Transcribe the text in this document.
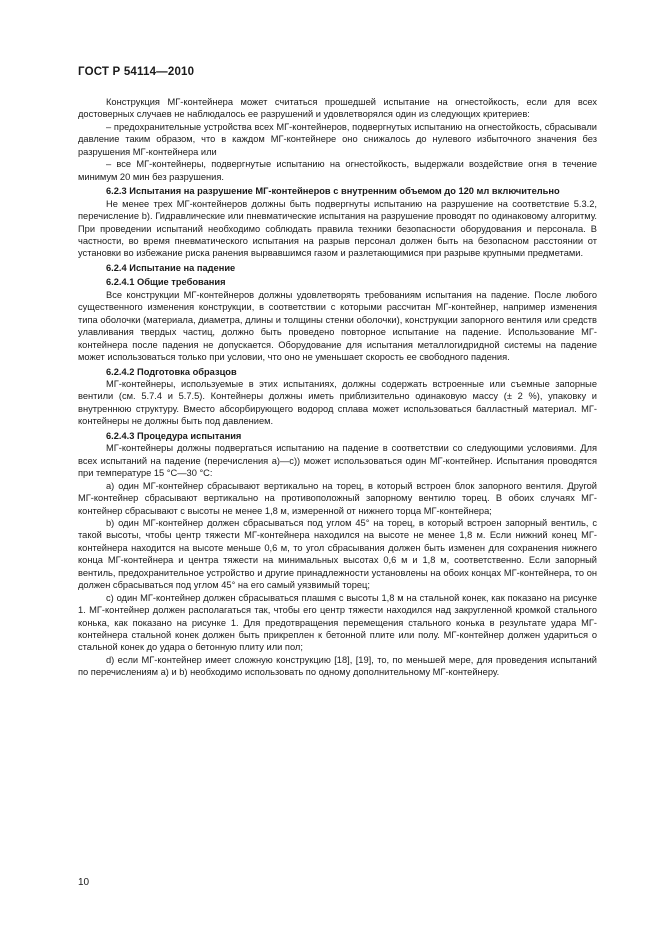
ГОСТ Р 54114—2010

Конструкция МГ-контейнера может считаться прошедшей испытание на огнестойкость, если для всех достоверных случаев не наблюдалось ее разрушений и удовлетворялся один из следующих критериев:

– предохранительные устройства всех МГ-контейнеров, подвергнутых испытанию на огнестойкость, сбрасывали давление таким образом, что в каждом МГ-контейнере оно снижалось до нулевого избыточного значения без разрушения МГ-контейнера или

– все МГ-контейнеры, подвергнутые испытанию на огнестойкость, выдержали воздействие огня в течение минимум 20 мин без разрушения.

6.2.3 Испытания на разрушение МГ-контейнеров с внутренним объемом до 120 мл включительно

Не менее трех МГ-контейнеров должны быть подвергнуты испытанию на разрушение на соответствие 5.3.2, перечисление b). Гидравлические или пневматические испытания на разрушение проводят по одинаковому алгоритму. При проведении испытаний необходимо соблюдать правила техники безопасности оборудования и персонала. В частности, во время пневматического испытания на разрыв персонал должен быть на безопасном расстоянии от установки во избежание риска ранения вырвавшимся газом и разлетающимися при разрыве крупными предметами.

6.2.4 Испытание на падение

6.2.4.1 Общие требования

Все конструкции МГ-контейнеров должны удовлетворять требованиям испытания на падение. После любого существенного изменения конструкции, в соответствии с которыми рассчитан МГ-контейнер, например изменения типа оболочки (материала, диаметра, длины и толщины стенки оболочки), конструкции запорного вентиля или средств улавливания твердых частиц, должно быть проведено повторное испытание на падение. Использование МГ-контейнера после падения не допускается. Оборудование для испытания металлогидридной системы на падение может использоваться только при условии, что оно не уменьшает скорость ее свободного падения.

6.2.4.2 Подготовка образцов

МГ-контейнеры, используемые в этих испытаниях, должны содержать встроенные или съемные запорные вентили (см. 5.7.4 и 5.7.5). Контейнеры должны иметь приблизительно одинаковую массу (± 2 %), упаковку и внутреннюю структуру. Вместо абсорбирующего водород сплава может использоваться балластный материал. МГ-контейнеры не должны быть под давлением.

6.2.4.3 Процедура испытания

МГ-контейнеры должны подвергаться испытанию на падение в соответствии со следующими условиями. Для всех испытаний на падение (перечисления а)—с)) может использоваться один МГ-контейнер. Испытания проводятся при температуре 15 °С—30 °С:

а) один МГ-контейнер сбрасывают вертикально на торец, в который встроен блок запорного вентиля. Другой МГ-контейнер сбрасывают вертикально на противоположный запорному вентилю торец. В обоих случаях МГ-контейнер сбрасывают с высоты не менее 1,8 м, измеренной от нижнего торца МГ-контейнера;

b) один МГ-контейнер должен сбрасываться под углом 45° на торец, в который встроен запорный вентиль, с такой высоты, чтобы центр тяжести МГ-контейнера находился на высоте не менее 1,8 м. Если нижний конец МГ-контейнера находится на высоте меньше 0,6 м, то угол сбрасывания должен быть изменен для сохранения нижнего конца МГ-контейнера и центра тяжести на минимальных высотах 0,6 м и 1,8 м, соответственно. Если запорный вентиль, предохранительное устройство и другие принадлежности установлены на обоих концах МГ-контейнера, то он должен сбрасываться под углом 45° на его самый уязвимый торец;

с) один МГ-контейнер должен сбрасываться плашмя с высоты 1,8 м на стальной конек, как показано на рисунке 1. МГ-контейнер должен располагаться так, чтобы его центр тяжести находился над закругленной кромкой стального конька, как показано на рисунке 1. Для предотвращения перемещения стального конька в результате удара МГ-контейнера стальной конек должен быть прикреплен к бетонной плите или полу. МГ-контейнер должен удариться о стальной конек до удара о бетонную плиту или пол;

d) если МГ-контейнер имеет сложную конструкцию [18], [19], то, по меньшей мере, для проведения испытаний по перечислениям а) и b) необходимо использовать по одному дополнительному МГ-контейнеру.

10
